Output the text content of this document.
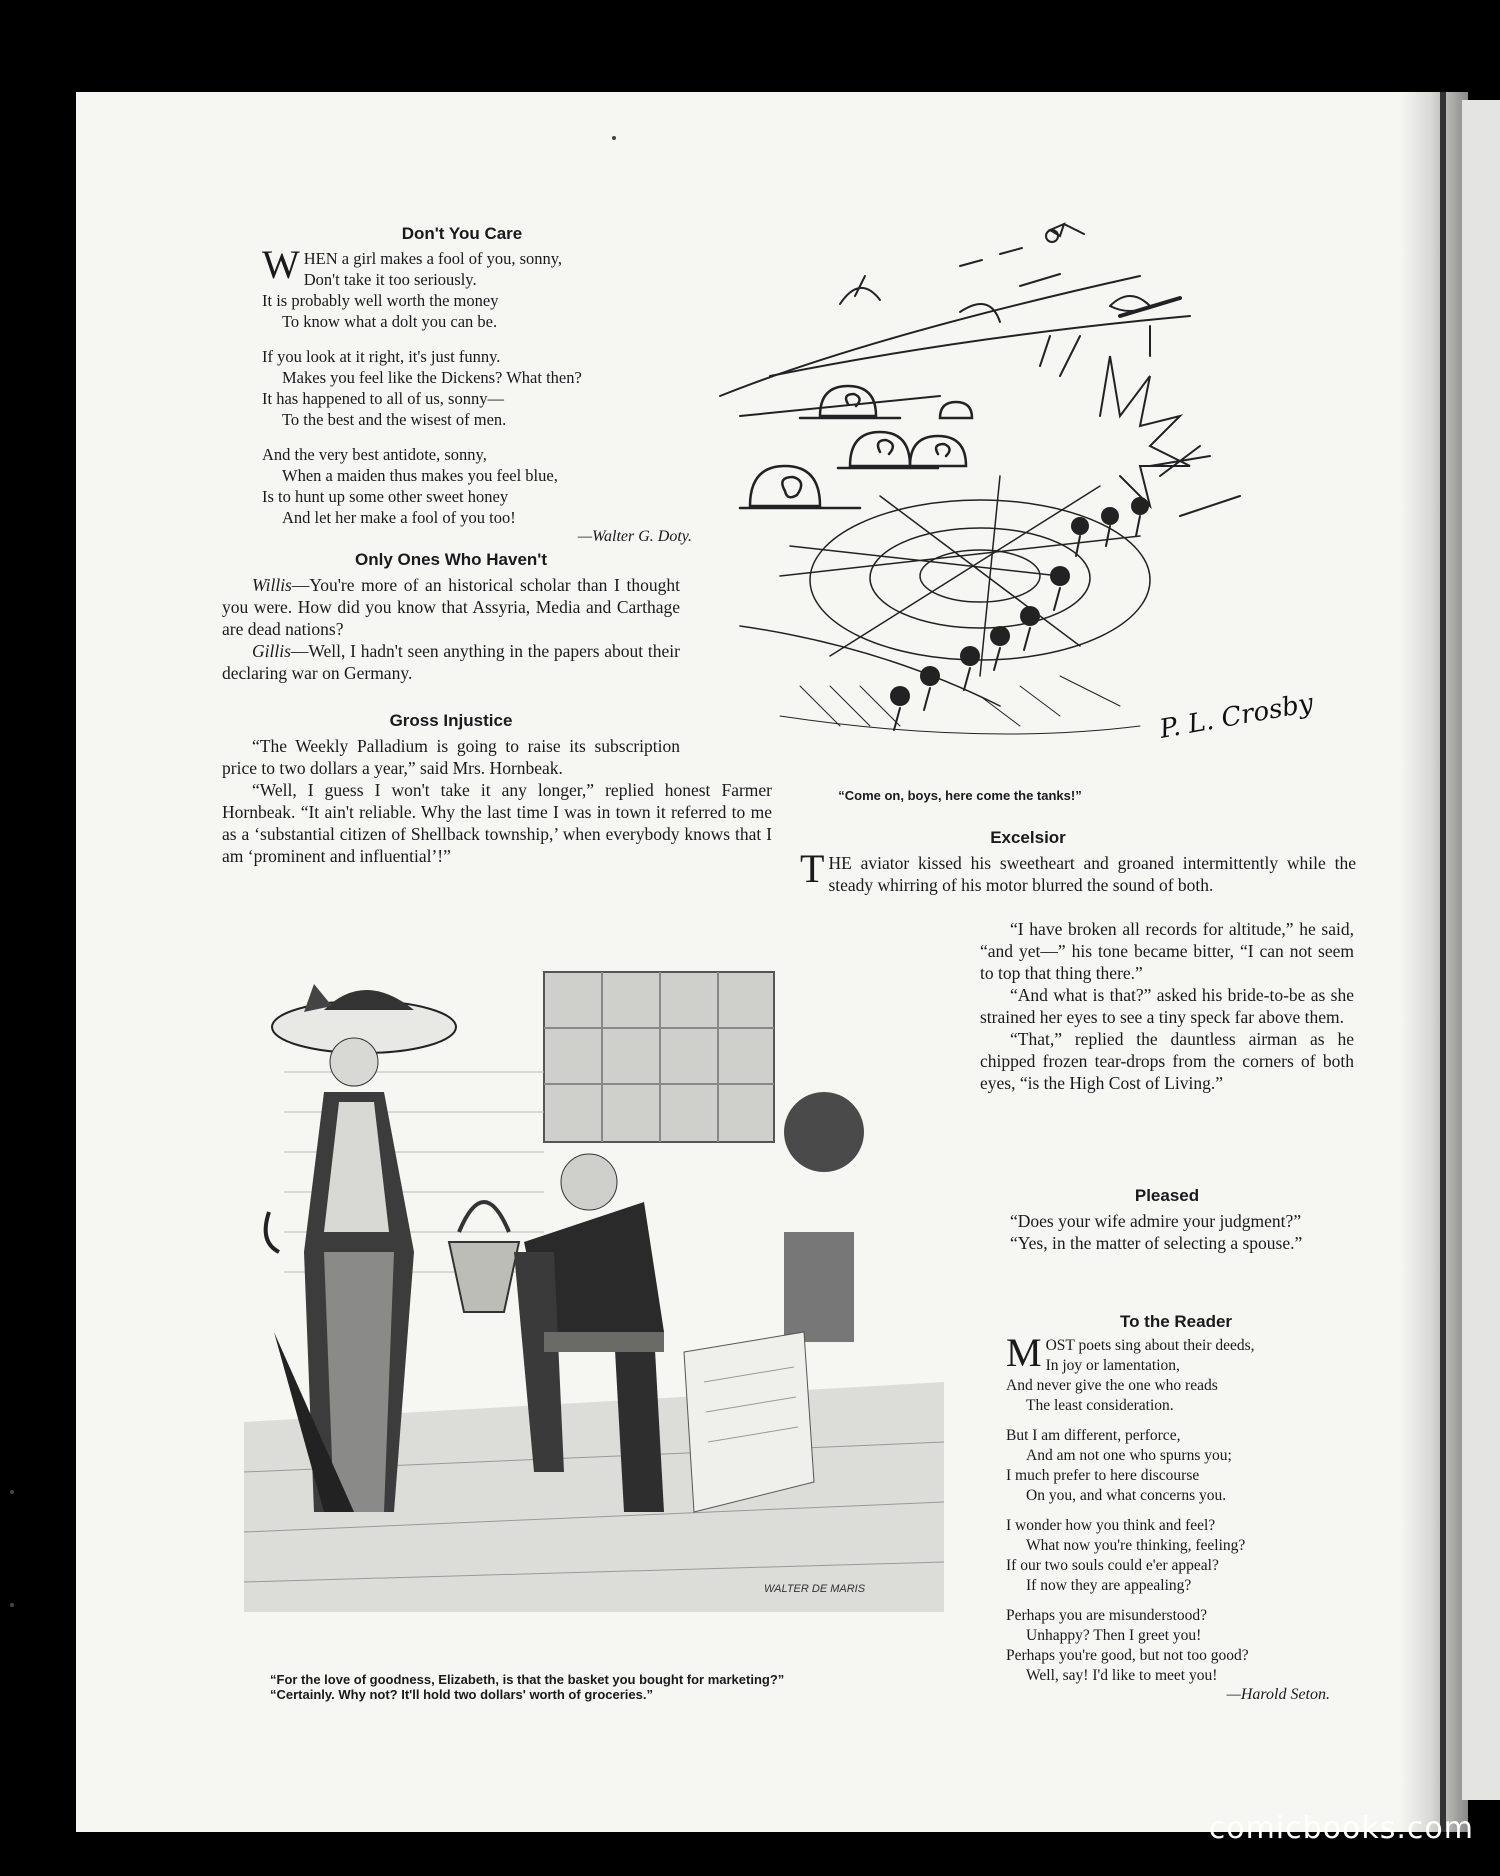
Don't You Care

W HEN a girl makes a fool of you, sonny,
Don't take it too seriously.
It is probably well worth the money
To know what a dolt you can be.
If you look at it right, it's just funny.
Makes you feel like the Dickens? What then?
It has happened to all of us, sonny—
To the best and the wisest of men.
And the very best antidote, sonny,
When a maiden thus makes you feel blue,
Is to hunt up some other sweet honey
And let her make a fool of you too!
—Walter G. Doty.

Only Ones Who Haven't

Willis—You're more of an historical scholar than I thought you were. How did you know that Assyria, Media and Carthage are dead nations?

Gillis—Well, I hadn't seen anything in the papers about their declaring war on Germany.

Gross Injustice

“The Weekly Palladium is going to raise its subscription price to two dollars a year,” said Mrs. Hornbeak.

“Well, I guess I won't take it any longer,” replied honest Farmer Hornbeak. “It ain't reliable. Why the last time I was in town it referred to me as a ‘substantial citizen of Shellback township,’ when everybody knows that I am ‘prominent and influential’!”

P. L. Crosby
“Come on, boys, here come the tanks!”

Excelsior

T HE aviator kissed his sweetheart and groaned intermittently while the steady whirring of his motor blurred the sound of both.

“I have broken all records for altitude,” he said, “and yet—” his tone became bitter, “I can not seem to top that thing there.”

“And what is that?” asked his bride-to-be as she strained her eyes to see a tiny speck far above them.

“That,” replied the dauntless airman as he chipped frozen tear-drops from the corners of both eyes, “is the High Cost of Living.”

Pleased

“Does your wife admire your judgment?”

“Yes, in the matter of selecting a spouse.”

To the Reader

M OST poets sing about their deeds,
In joy or lamentation,
And never give the one who reads
The least consideration.
But I am different, perforce,
And am not one who spurns you;
I much prefer to here discourse
On you, and what concerns you.
I wonder how you think and feel?
What now you're thinking, feeling?
If our two souls could e'er appeal?
If now they are appealing?
Perhaps you are misunderstood?
Unhappy? Then I greet you!
Perhaps you're good, but not too good?
Well, say! I'd like to meet you!
—Harold Seton.
WALTER DE MARIS
“For the love of goodness, Elizabeth, is that the basket you bought for marketing?”
“Certainly. Why not? It'll hold two dollars' worth of groceries.”
comicbooks.com
